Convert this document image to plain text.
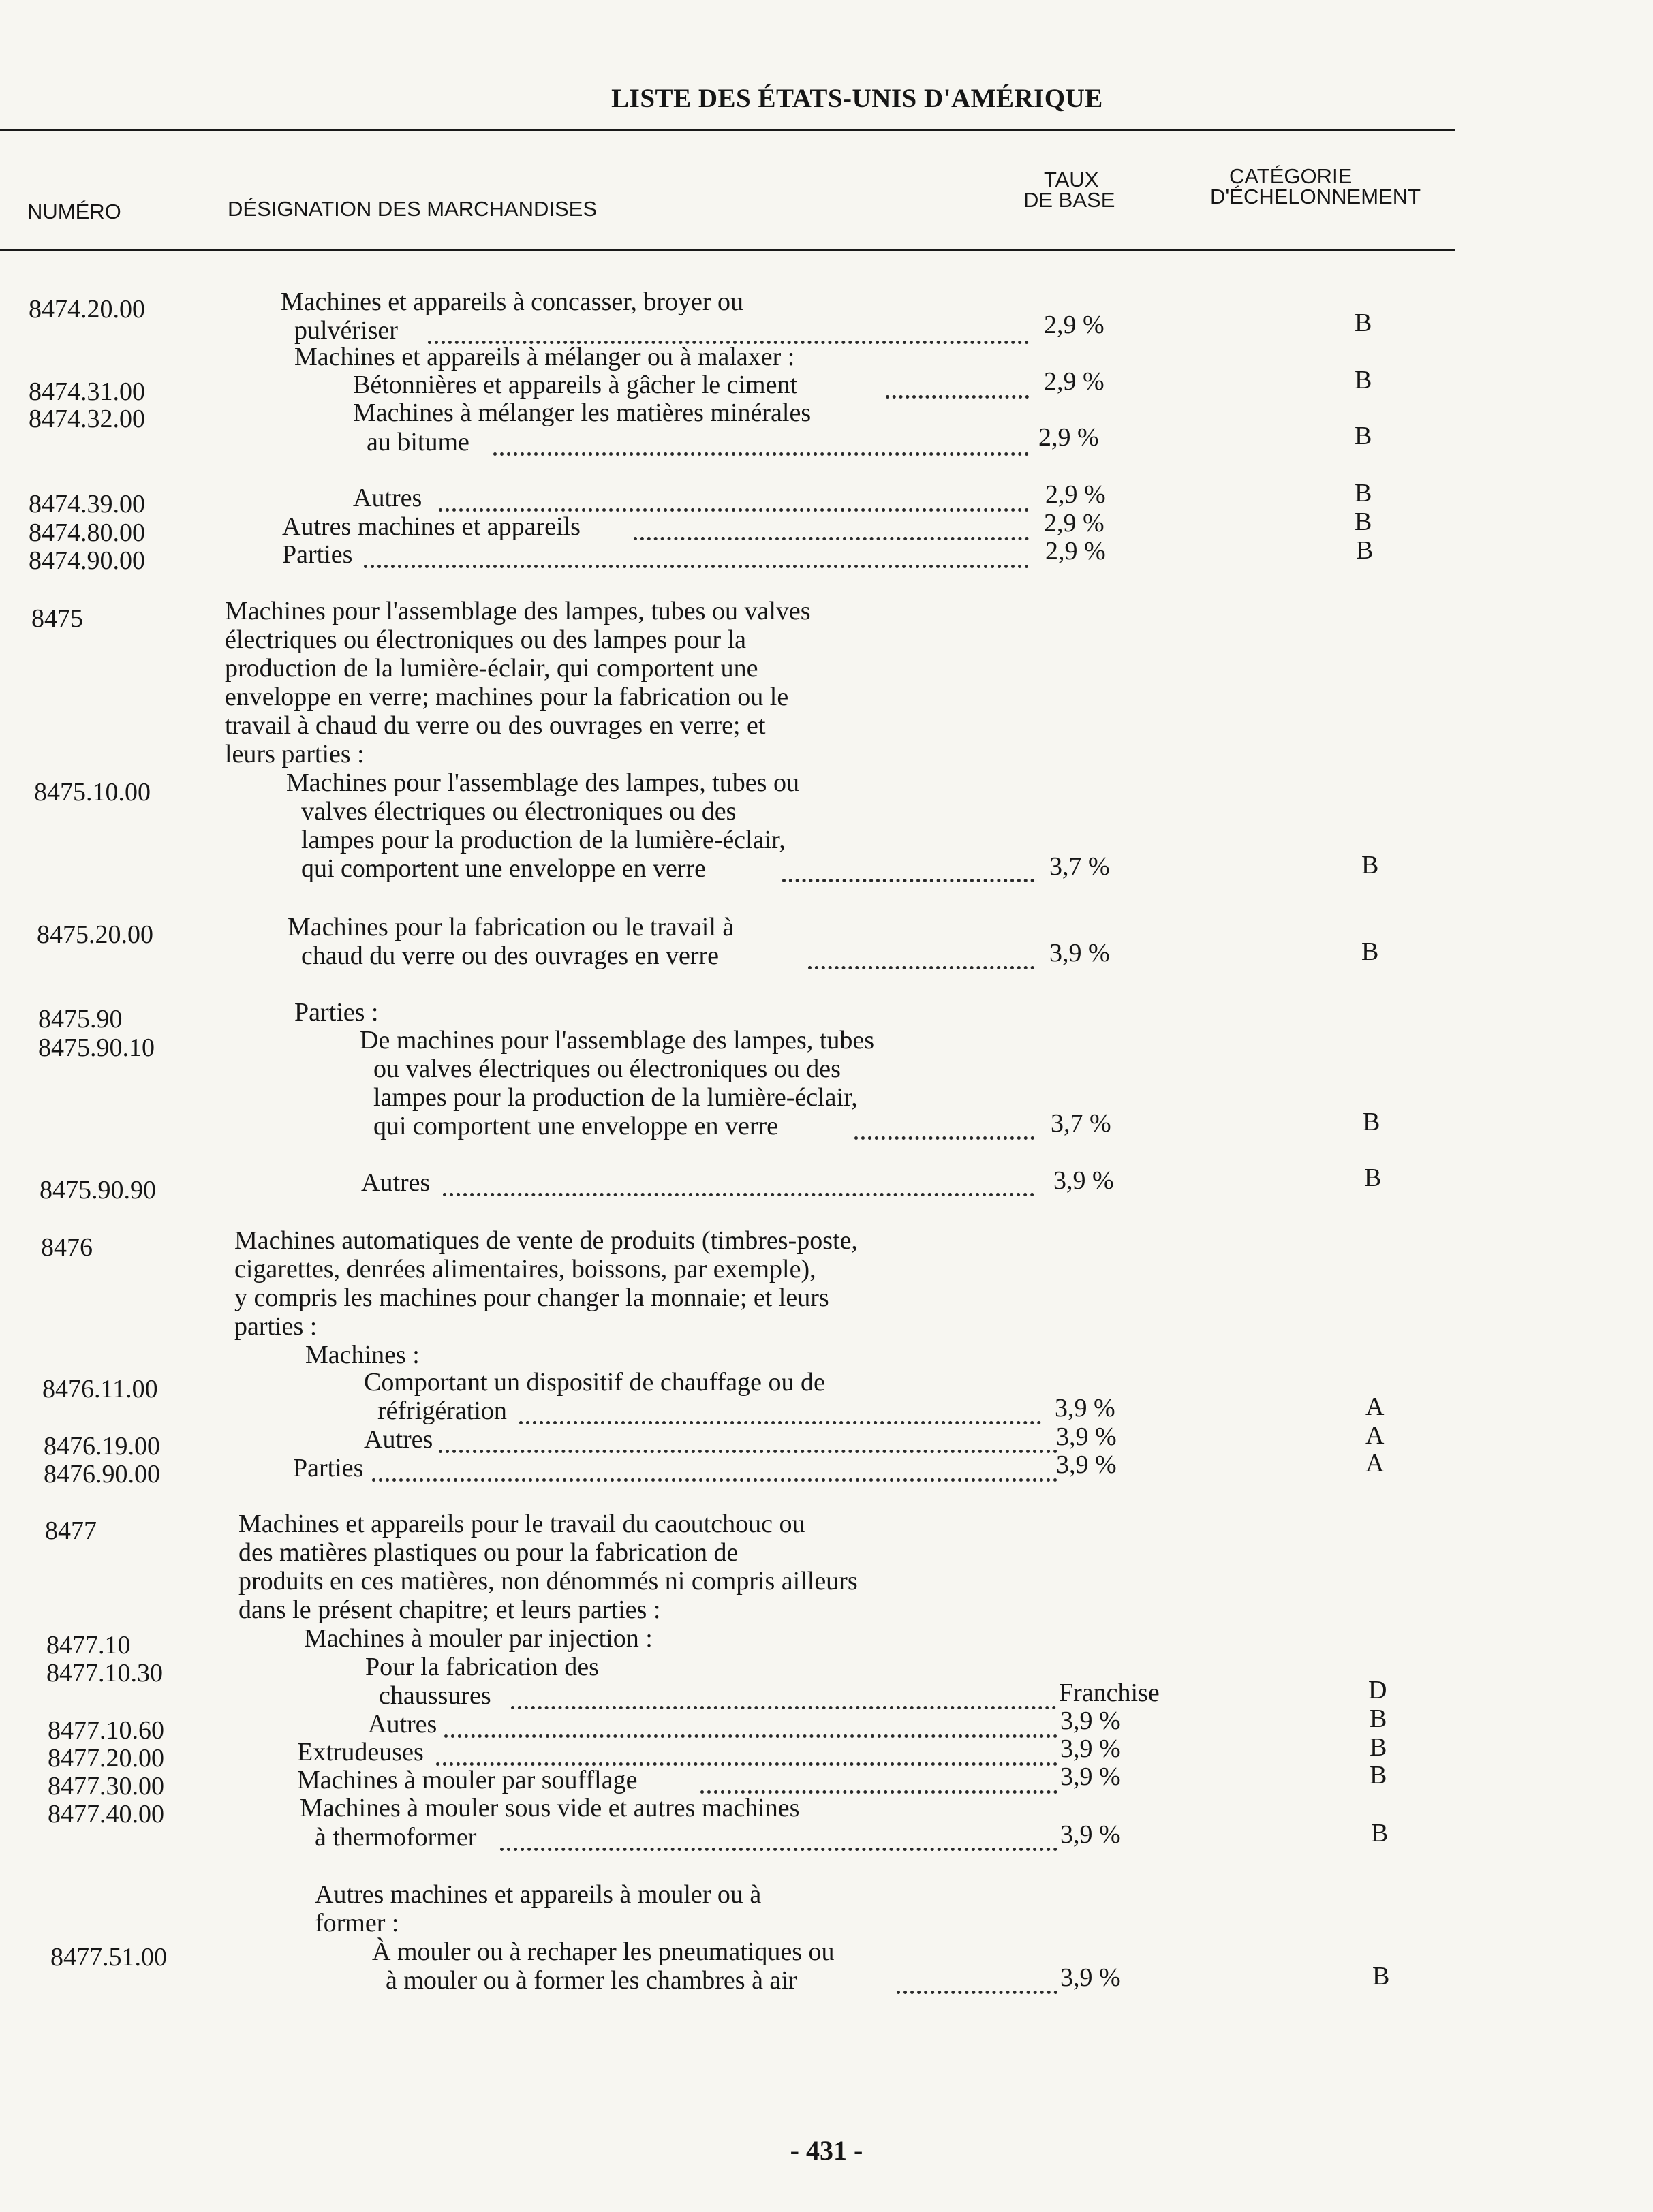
LISTE DES ÉTATS-UNIS D'AMÉRIQUE
NUMÉRO	DÉSIGNATION DES MARCHANDISES
TAUX
DE BASE
CATÉGORIE
D'ÉCHELONNEMENT
8474.20.00
8474.31.00
8474.32.00
8474.39.00
8474.80.00
8474.90.00
8475
8475.10.00
8475.20.00
8475.90
8475.90.10
8475.90.90
8476
8476.11.00
8476.19.00
8476.90.00
8477
8477.10
8477.10.30
8477.10.60
8477.20.00
8477.30.00
8477.40.00
8477.51.00
Machines et appareils à concasser, broyer ou
pulvériser
Machines et appareils à mélanger ou à malaxer :
Bétonnières et appareils à gâcher le ciment
Machines à mélanger les matières minérales
au bitume
Autres
Autres machines et appareils
Parties
Machines pour l'assemblage des lampes, tubes ou valves
électriques ou électroniques ou des lampes pour la
production de la lumière-éclair, qui comportent une
enveloppe en verre; machines pour la fabrication ou le
travail à chaud du verre ou des ouvrages en verre; et
leurs parties :
Machines pour l'assemblage des lampes, tubes ou
valves électriques ou électroniques ou des
lampes pour la production de la lumière-éclair,
qui comportent une enveloppe en verre
Machines pour la fabrication ou le travail à
chaud du verre ou des ouvrages en verre
Parties :
De machines pour l'assemblage des lampes, tubes
ou valves électriques ou électroniques ou des
lampes pour la production de la lumière-éclair,
qui comportent une enveloppe en verre
Autres
Machines automatiques de vente de produits (timbres-poste,
cigarettes, denrées alimentaires, boissons, par exemple),
y compris les machines pour changer la monnaie; et leurs
parties :
Machines :
Comportant un dispositif de chauffage ou de
réfrigération
Autres
Parties
Machines et appareils pour le travail du caoutchouc ou
des matières plastiques ou pour la fabrication de
produits en ces matières, non dénommés ni compris ailleurs
dans le présent chapitre; et leurs parties :
Machines à mouler par injection :
Pour la fabrication des
chaussures
Autres
Extrudeuses
Machines à mouler par soufflage
Machines à mouler sous vide et autres machines
à thermoformer
Autres machines et appareils à mouler ou à
former :
À mouler ou à rechaper les pneumatiques ou
à mouler ou à former les chambres à air
2,9 %
2,9 %
2,9 %
2,9 %
2,9 %
2,9 %
3,7 %
3,9 %
3,7 %
3,9 %
3,9 %
3,9 %
3,9 %
Franchise
3,9 %
3,9 %
3,9 %
3,9 %
3,9 %
B
B
B
B
B
B
B
B
B
B
A
A
A
D
B
B
B
B
B
- 431 -
